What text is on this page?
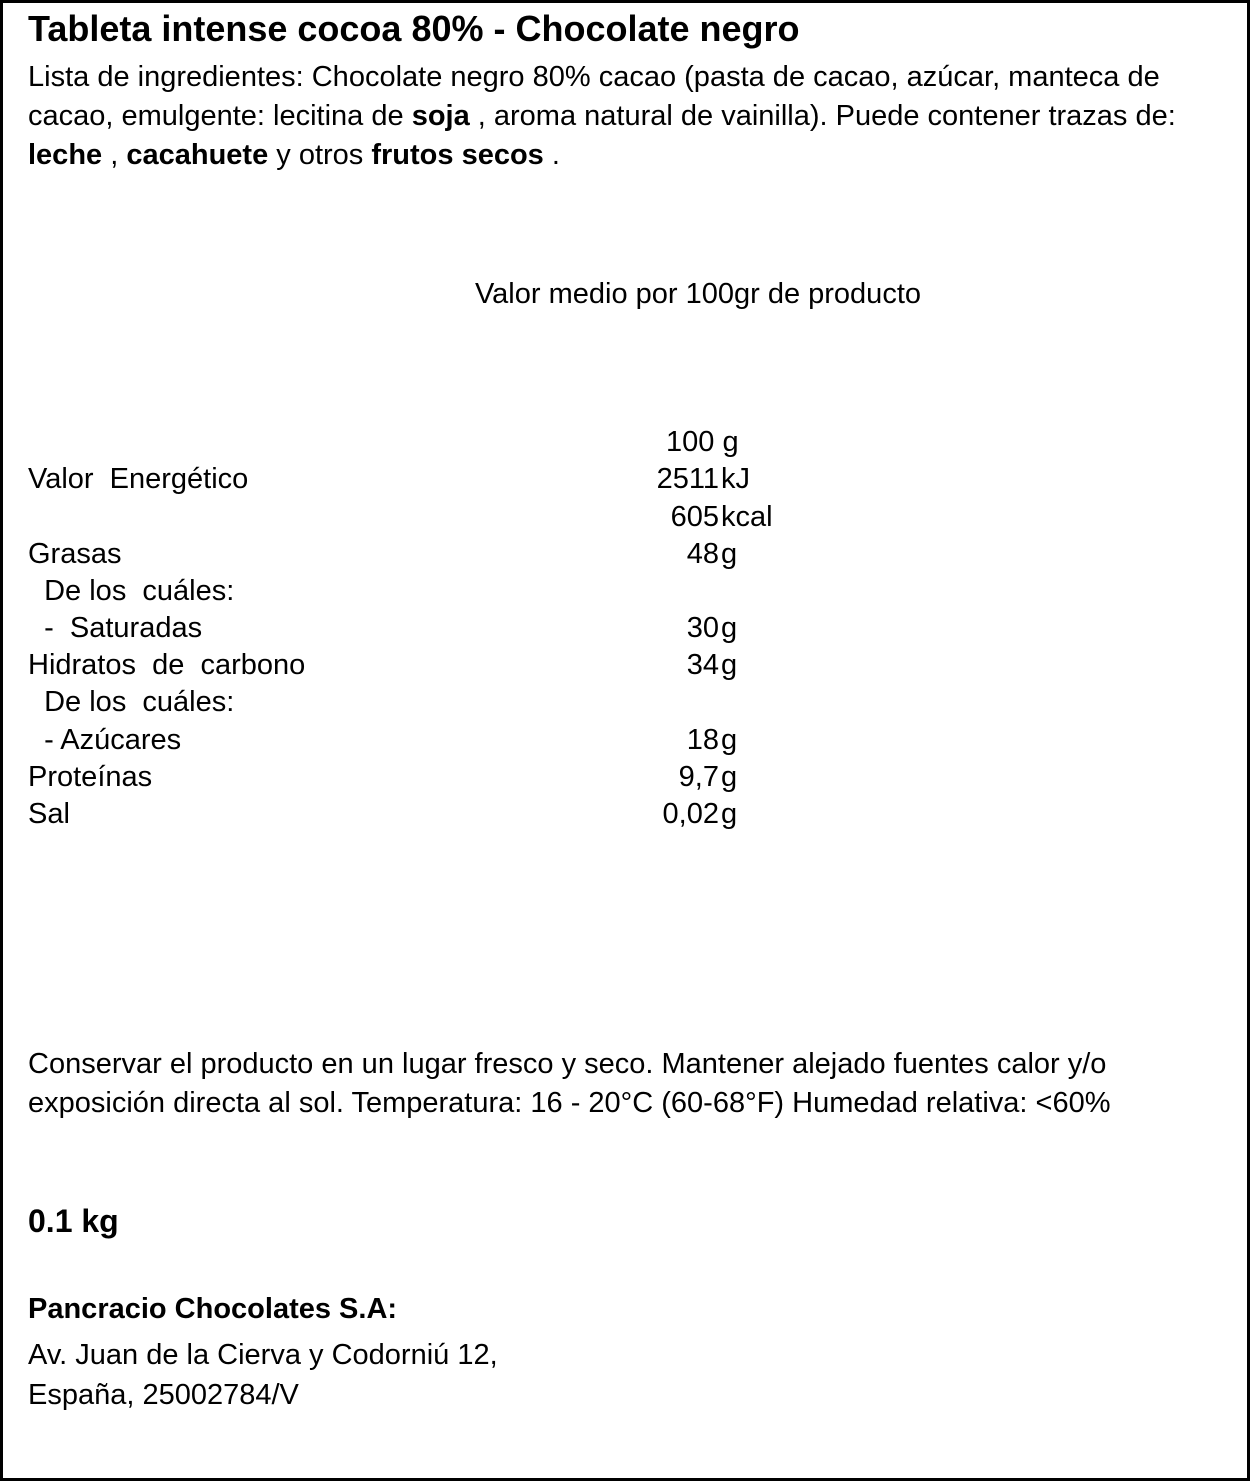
Tableta intense cocoa 80% - Chocolate negro
Lista de ingredientes: Chocolate negro 80% cacao (pasta de cacao, azúcar, manteca de cacao, emulgente: lecitina de soja , aroma natural de vainilla). Puede contener trazas de: leche , cacahuete y otros frutos secos .
Valor medio por 100gr de producto
100 g
Valor  Energético	2511 kJ
605 kcal
Grasas	48 g
De los  cuáles:
-  Saturadas	30 g
Hidratos  de  carbono	34 g
De los  cuáles:
- Azúcares	18 g
Proteínas	9,7 g
Sal	0,02 g
Conservar el producto en un lugar fresco y seco. Mantener alejado fuentes calor y/o exposición directa al sol. Temperatura: 16 - 20°C (60-68°F) Humedad relativa: <60%
0.1 kg
Pancracio Chocolates S.A:
Av. Juan de la Cierva y Codorniú 12,
España, 25002784/V
